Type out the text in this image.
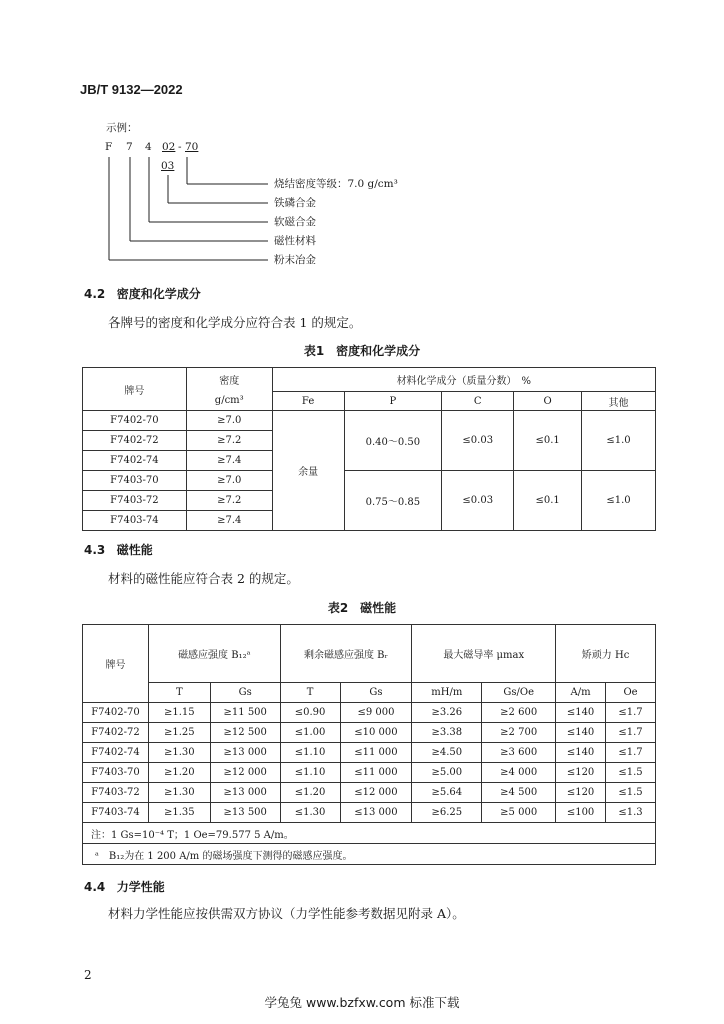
JB/T 9132—2022
示例：
F 7 4 02 - 70
03
烧结密度等级：7.0 g/cm³
铁磷合金
软磁合金
磁性材料
粉末冶金
4.2 密度和化学成分
各牌号的密度和化学成分应符合表 1 的规定。
表1　密度和化学成分
牌号	密度	材料化学成分（质量分数）　%				
	g/cm³	Fe	P	C	O	其他
F7402-70	≥7.0	余量	0.40～0.50	≤0.03	≤0.1	≤1.0
F7402-72	≥7.2					
F7402-74	≥7.4					
F7403-70	≥7.0		0.75～0.85	≤0.03	≤0.1	≤1.0
F7403-72	≥7.2					
F7403-74	≥7.4					
4.3 磁性能
材料的磁性能应符合表 2 的规定。
表2　磁性能
牌号	磁感应强度 B₁₂ᵃ		剩余磁感应强度 Bᵣ		最大磁导率 μmax		矫顽力 Hc	
	T	Gs	T	Gs	mH/m	Gs/Oe	A/m	Oe
F7402-70	≥1.15	≥11 500	≤0.90	≤9 000	≥3.26	≥2 600	≤140	≤1.7
F7402-72	≥1.25	≥12 500	≤1.00	≤10 000	≥3.38	≥2 700	≤140	≤1.7
F7402-74	≥1.30	≥13 000	≤1.10	≤11 000	≥4.50	≥3 600	≤140	≤1.7
F7403-70	≥1.20	≥12 000	≤1.10	≤11 000	≥5.00	≥4 000	≤120	≤1.5
F7403-72	≥1.30	≥13 000	≤1.20	≤12 000	≥5.64	≥4 500	≤120	≤1.5
F7403-74	≥1.35	≥13 500	≤1.30	≤13 000	≥6.25	≥5 000	≤100	≤1.3
注：1 Gs=10⁻⁴ T；1 Oe=79.577 5 A/m。								
ᵃ　B₁₂为在 1 200 A/m 的磁场强度下测得的磁感应强度。								
4.4 力学性能
材料力学性能应按供需双方协议（力学性能参考数据见附录 A）。
2
学兔兔 www.bzfxw.com 标准下载
